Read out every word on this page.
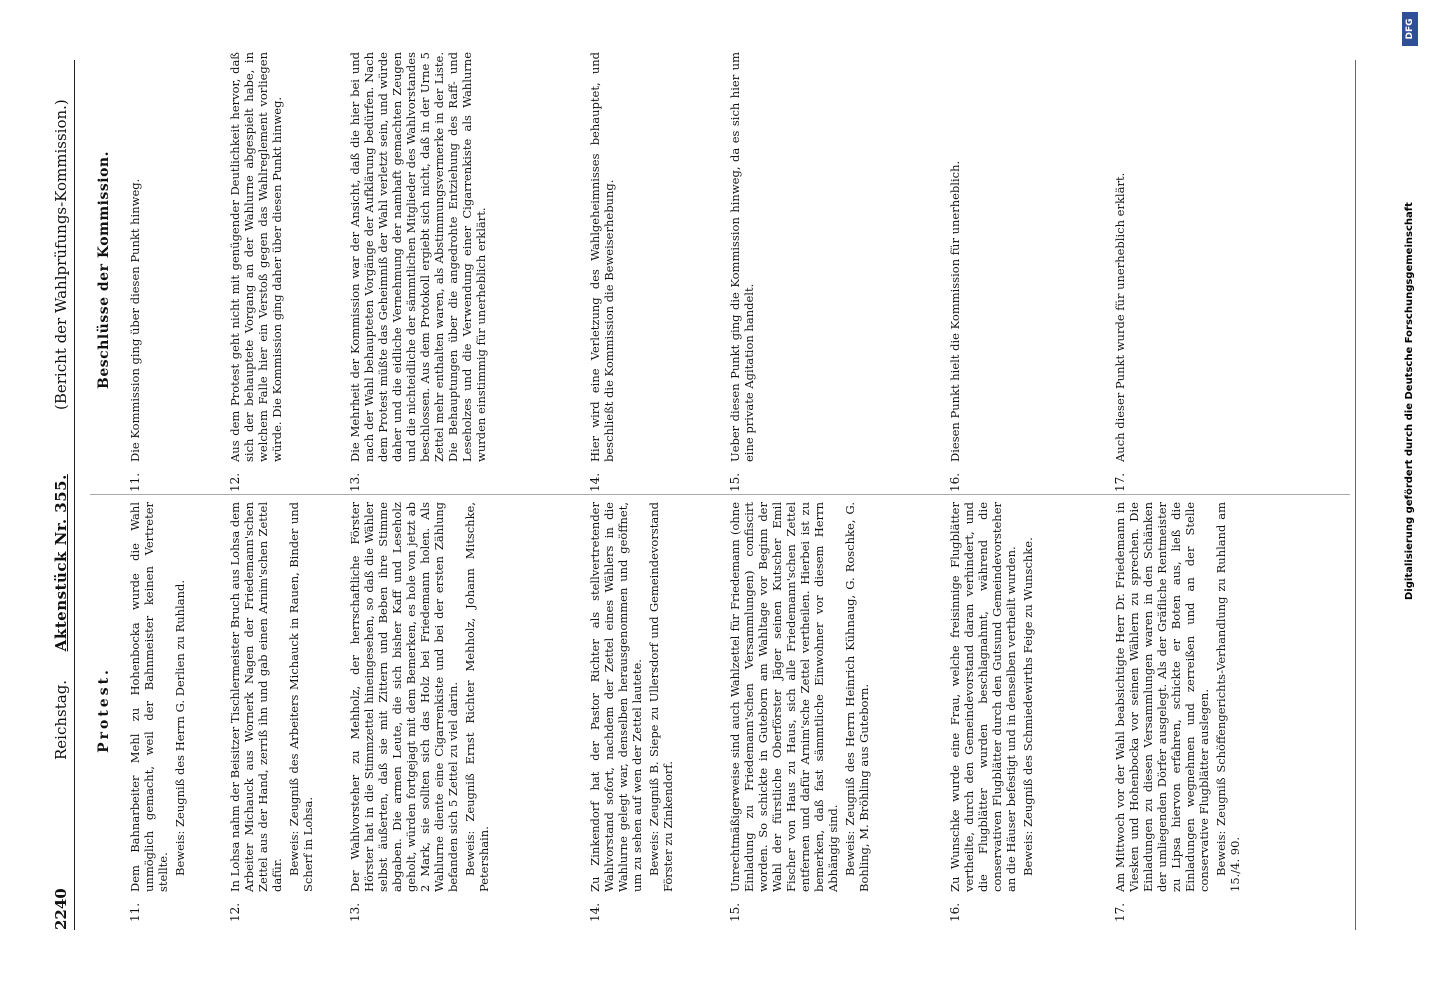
2240
Reichstag.      Aktenstück Nr. 355.
(Bericht der Wahlprüfungs-Kommission.)
Protest.
Beschlüsse der Kommission.
11.
Dem Bahnarbeiter Mehl zu Hohenbocka wurde die Wahl unmöglich gemacht, weil der Bahnmeister keinen Vertreter stellte. Beweis: Zeugniß des Herrn G. Derlien zu Ruhland.
12.
In Lohsa nahm der Beisitzer Tischlermeister Bruch aus Lohsa dem Arbeiter Michauck aus Wornerk Nagen der Friedemann'schen Zettel aus der Hand, zerriß ihn und gab einen Arnim'schen Zettel dafür. Beweis: Zeugniß des Arbeiters Michauck in Rauen, Binder und Scherf in Lohsa.
13.
Der Wahlvorsteher zu Mehholz, der herrschaftliche Förster Hörster hat in die Stimmzettel hineingesehen, so daß die Wähler selbst äußerten, daß sie mit Zittern und Beben ihre Stimme abgaben. Die armen Leute, die sich bisher Kaff und Leseholz geholt, würden fortgejagt mit dem Bemerken, es hole von jetzt ab 2 Mark, sie sollten sich das Holz bei Friedemann holen. Als Wahlurne diente eine Cigarrenkiste und bei der ersten Zählung befanden sich 5 Zettel zu viel darin. Beweis: Zeugniß Ernst Richter Mehholz, Johann Mitschke, Petershain.
14.
Zu Zinkendorf hat der Pastor Richter als stellvertretender Wahlvorstand sofort, nachdem der Zettel eines Wählers in die Wahlurne gelegt war, denselben herausgenommen und geöffnet, um zu sehen auf wen der Zettel lautete. Beweis: Zeugniß B. Siepe zu Ullersdorf und Gemeindevorstand Förster zu Zinkendorf.
15.
Unrechtmäßigerweise sind auch Wahlzettel für Friedemann (ohne Einladung zu Friedemann'schen Versammlungen) confiscirt worden. So schickte in Guteborn am Wahltage vor Beginn der Wahl der fürstliche Oberförster Jäger seinen Kutscher Emil Fischer von Haus zu Haus, sich alle Friedemann'schen Zettel entfernen und dafür Arnim'sche Zettel vertheilen. Hierbei ist zu bemerken, daß fast sämmtliche Einwohner vor diesem Herrn Abhängig sind. Beweis: Zeugniß des Herrn Heinrich Kühnaug, G. Roschke, G. Bohling, M. Bröhling aus Guteborn.
16.
Zu Wunschke wurde eine Frau, welche freisinnige Flugblätter vertheilte, durch den Gemeindevorstand daran verhindert, und die Flugblätter wurden beschlagnahmt, während die conservativen Flugblätter durch den Gutsund Gemeindevorsteher an die Häuser befestigt und in denselben vertheilt wurden. Beweis: Zeugniß des Schmiedewirths Feige zu Wunschke.
17.
Am Mittwoch vor der Wahl beabsichtigte Herr Dr. Friedemann in Viesken und Hohenbocka vor seinen Wählern zu sprechen. Die Einladungen zu diesen Versammlungen waren in den Schänken der umliegenden Dörfer ausgelegt. Als der Gräfliche Rentmeister zu Lipsa hiervon erfahren, schickte er Boten aus, ließ die Einladungen wegnehmen und zerreißen und an der Stelle conservative Flugblätter auslegen. Beweis: Zeugniß Schöffengerichts-Verhandlung zu Ruhland am 15./4. 90.
11.
Die Kommission ging über diesen Punkt hinweg.
12.
Aus dem Protest geht nicht mit genügender Deutlichkeit hervor, daß sich der behauptete Vorgang an der Wahlurne abgespielt habe, in welchem Falle hier ein Verstoß gegen das Wahlreglement vorliegen würde. Die Kommission ging daher über diesen Punkt hinweg.
13.
Die Mehrheit der Kommission war der Ansicht, daß die hier bei und nach der Wahl behaupteten Vorgänge der Aufklärung bedürfen. Nach dem Protest müßte das Geheimniß der Wahl verletzt sein, und würde daher und die eidliche Vernehmung der namhaft gemachten Zeugen und die nichteidliche der sämmtlichen Mitglieder des Wahlvorstandes beschlossen. Aus dem Protokoll ergiebt sich nicht, daß in der Urne 5 Zettel mehr enthalten waren, als Abstimmungsvermerke in der Liste. Die Behauptungen über die angedrohte Entziehung des Raff- und Leseholzes und die Verwendung einer Cigarrenkiste als Wahlurne wurden einstimmig für unerheblich erklärt.
14.
Hier wird eine Verletzung des Wahlgeheimnisses behauptet, und beschließt die Kommission die Beweiserhebung.
15.
Ueber diesen Punkt ging die Kommission hinweg, da es sich hier um eine private Agitation handelt.
16.
Diesen Punkt hielt die Kommission für unerheblich.
17.
Auch dieser Punkt wurde für unerheblich erklärt.	Digitalisierung gefördert durch die Deutsche Forschungsgemeinschaft
DFG
